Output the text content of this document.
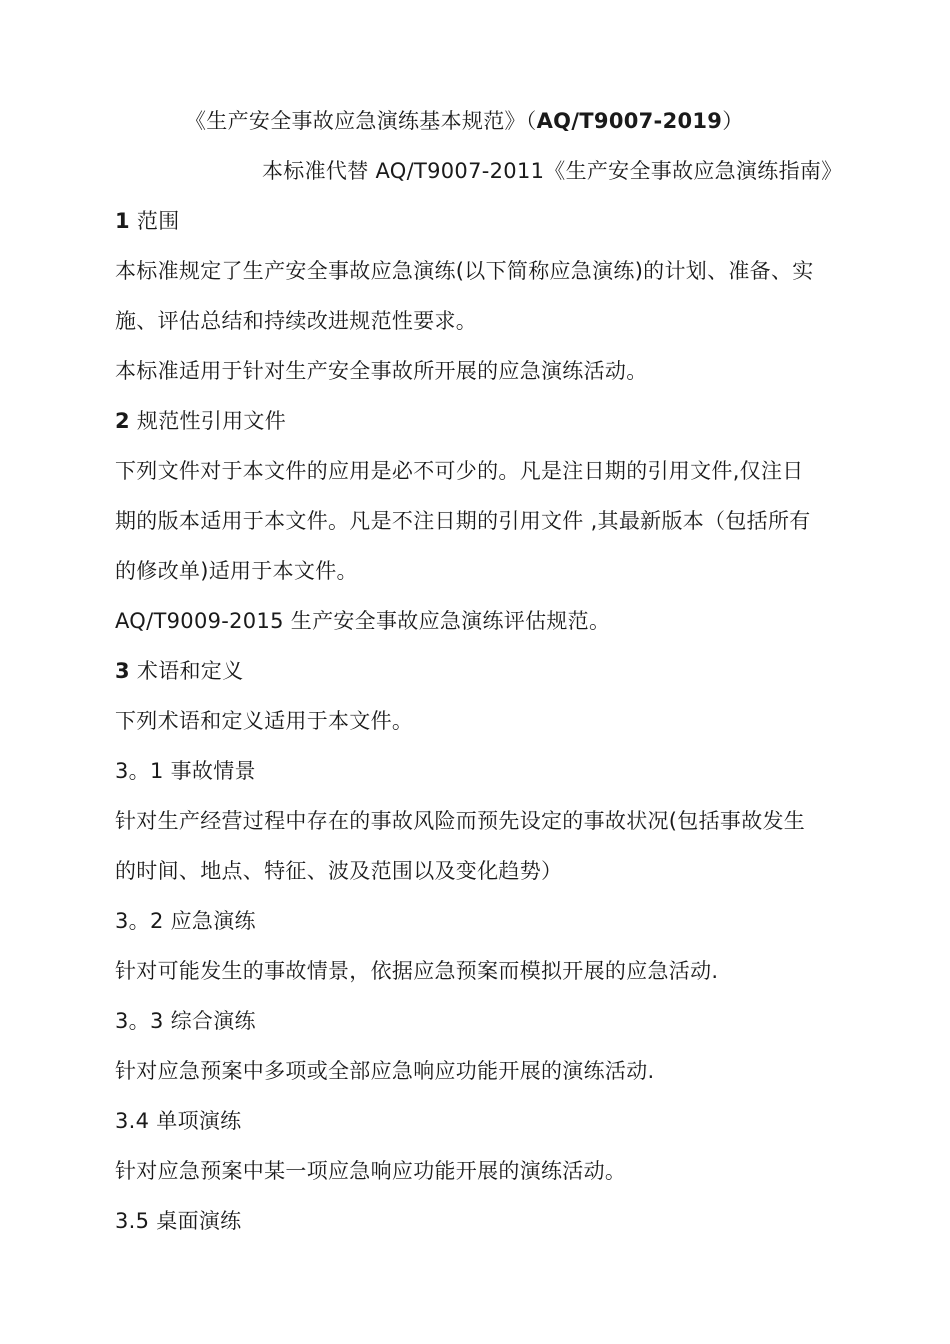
《生产安全事故应急演练基本规范》（AQ/T9007-2019）
本标准代替 AQ/T9007-2011《生产安全事故应急演练指南》
1 范围
本标准规定了生产安全事故应急演练(以下简称应急演练)的计划、准备、实
施、评估总结和持续改进规范性要求。
本标准适用于针对生产安全事故所开展的应急演练活动。
2 规范性引用文件
下列文件对于本文件的应用是必不可少的。凡是注日期的引用文件,仅注日
期的版本适用于本文件。凡是不注日期的引用文件 ,其最新版本（包括所有
的修改单)适用于本文件。
AQ/T9009-2015 生产安全事故应急演练评估规范。
3 术语和定义
下列术语和定义适用于本文件。
3。1 事故情景
针对生产经营过程中存在的事故风险而预先设定的事故状况(包括事故发生
的时间、地点、特征、波及范围以及变化趋势）
3。2 应急演练
针对可能发生的事故情景，依据应急预案而模拟开展的应急活动.
3。3 综合演练
针对应急预案中多项或全部应急响应功能开展的演练活动.
3.4 单项演练
针对应急预案中某一项应急响应功能开展的演练活动。
3.5 桌面演练
